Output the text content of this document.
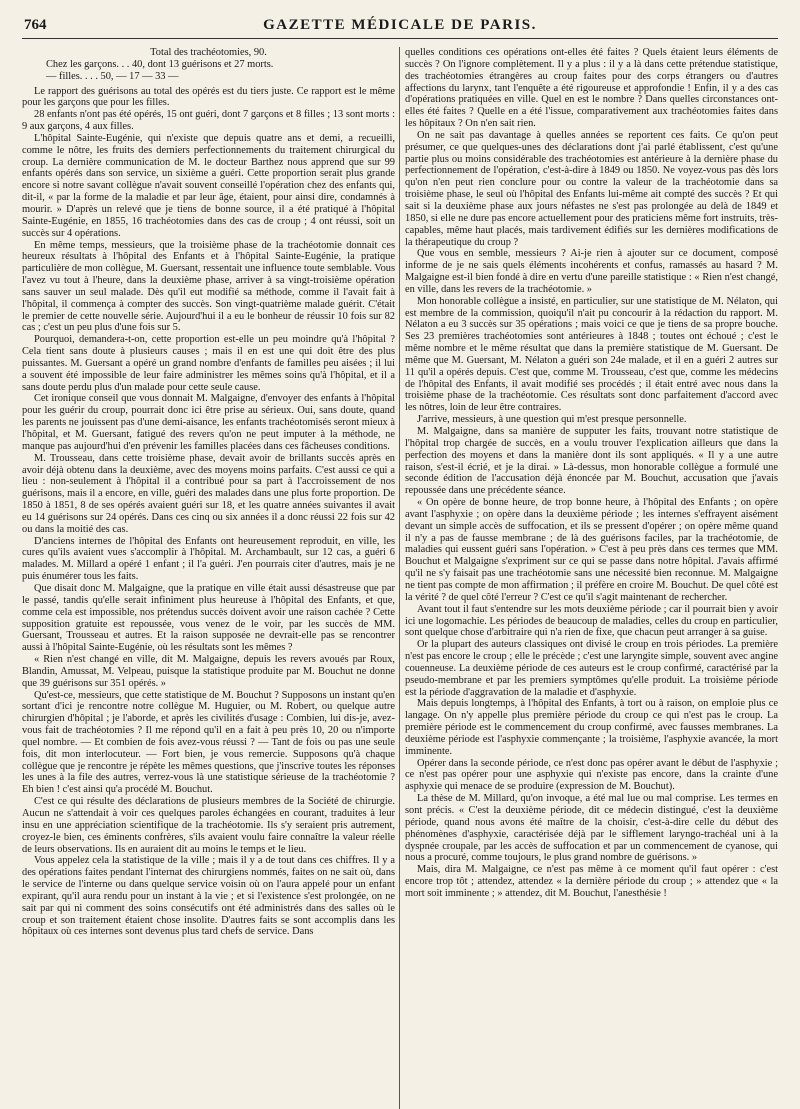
764	GAZETTE MÉDICALE DE PARIS.

Total des trachéotomies, 90.

Chez les garçons. . . 40, dont 13 guérisons et 27 morts.

— filles. . . . 50, — 17 — 33 —

Le rapport des guérisons au total des opérés est du tiers juste. Ce rapport est le même pour les garçons que pour les filles.

28 enfants n'ont pas été opérés, 15 ont guéri, dont 7 garçons et 8 filles ; 13 sont morts : 9 aux garçons, 4 aux filles.

L'hôpital Sainte-Eugénie, qui n'existe que depuis quatre ans et demi, a recueilli, comme le nôtre, les fruits des derniers perfectionnements du traitement chirurgical du croup. La dernière communication de M. le docteur Barthez nous apprend que sur 99 enfants opérés dans son service, un sixième a guéri. Cette proportion serait plus grande encore si notre savant collègue n'avait souvent conseillé l'opération chez des enfants qui, dit-il, « par la forme de la maladie et par leur âge, étaient, pour ainsi dire, condamnés à mourir. » D'après un relevé que je tiens de bonne source, il a été pratiqué à l'hôpital Sainte-Eugénie, en 1855, 16 trachéotomies dans des cas de croup ; 4 ont réussi, soit un succès sur 4 opérations.

En même temps, messieurs, que la troisième phase de la trachéotomie donnait ces heureux résultats à l'hôpital des Enfants et à l'hôpital Sainte-Eugénie, la pratique particulière de mon collègue, M. Guersant, ressentait une influence toute semblable. Vous l'avez vu tout à l'heure, dans la deuxième phase, arriver à sa vingt-troisième opération sans sauver un seul malade. Dès qu'il eut modifié sa méthode, comme il l'avait fait à l'hôpital, il commença à compter des succès. Son vingt-quatrième malade guérit. C'était le premier de cette nouvelle série. Aujourd'hui il a eu le bonheur de réussir 10 fois sur 82 cas ; c'est un peu plus d'une fois sur 5.

Pourquoi, demandera-t-on, cette proportion est-elle un peu moindre qu'à l'hôpital ? Cela tient sans doute à plusieurs causes ; mais il en est une qui doit être des plus puissantes. M. Guersant a opéré un grand nombre d'enfants de familles peu aisées ; il lui a souvent été impossible de leur faire administrer les mêmes soins qu'à l'hôpital, et il a sans doute perdu plus d'un malade pour cette seule cause.

Cet ironique conseil que vous donnait M. Malgaigne, d'envoyer des enfants à l'hôpital pour les guérir du croup, pourrait donc ici être prise au sérieux. Oui, sans doute, quand les parents ne jouissent pas d'une demi-aisance, les enfants trachéotomisés seront mieux à l'hôpital, et M. Guersant, fatigué des revers qu'on ne peut imputer à la méthode, ne manque pas aujourd'hui d'en prévenir les familles placées dans ces fâcheuses conditions.

M. Trousseau, dans cette troisième phase, devait avoir de brillants succès après en avoir déjà obtenu dans la deuxième, avec des moyens moins parfaits. C'est aussi ce qui a lieu : non-seulement à l'hôpital il a contribué pour sa part à l'accroissement de nos guérisons, mais il a encore, en ville, guéri des malades dans une plus forte proportion. De 1850 à 1851, 8 de ses opérés avaient guéri sur 18, et les quatre années suivantes il avait eu 14 guérisons sur 24 opérés. Dans ces cinq ou six années il a donc réussi 22 fois sur 42 ou dans la moitié des cas.

D'anciens internes de l'hôpital des Enfants ont heureusement reproduit, en ville, les cures qu'ils avaient vues s'accomplir à l'hôpital. M. Archambault, sur 12 cas, a guéri 6 malades. M. Millard a opéré 1 enfant ; il l'a guéri. J'en pourrais citer d'autres, mais je ne puis énumérer tous les faits.

Que disait donc M. Malgaigne, que la pratique en ville était aussi désastreuse que par le passé, tandis qu'elle serait infiniment plus heureuse à l'hôpital des Enfants, et que, comme cela est impossible, nos prétendus succès doivent avoir une raison cachée ? Cette supposition gratuite est repoussée, vous venez de le voir, par les succès de MM. Guersant, Trousseau et autres. Et la raison supposée ne devrait-elle pas se rencontrer aussi à l'hôpital Sainte-Eugénie, où les résultats sont les mêmes ?

« Rien n'est changé en ville, dit M. Malgaigne, depuis les revers avoués par Roux, Blandin, Amussat, M. Velpeau, puisque la statistique produite par M. Bouchut ne donne que 39 guérisons sur 351 opérés. »

Qu'est-ce, messieurs, que cette statistique de M. Bouchut ? Supposons un instant qu'en sortant d'ici je rencontre notre collègue M. Huguier, ou M. Robert, ou quelque autre chirurgien d'hôpital ; je l'aborde, et après les civilités d'usage : Combien, lui dis-je, avez-vous fait de trachéotomies ? Il me répond qu'il en a fait à peu près 10, 20 ou n'importe quel nombre. — Et combien de fois avez-vous réussi ? — Tant de fois ou pas une seule fois, dit mon interlocuteur. — Fort bien, je vous remercie. Supposons qu'à chaque collègue que je rencontre je répète les mêmes questions, que j'inscrive toutes les réponses les unes à la file des autres, verrez-vous là une statistique sérieuse de la trachéotomie ? Eh bien ! c'est ainsi qu'a procédé M. Bouchut.

C'est ce qui résulte des déclarations de plusieurs membres de la Société de chirurgie. Aucun ne s'attendait à voir ces quelques paroles échangées en courant, traduites à leur insu en une appréciation scientifique de la trachéotomie. Ils s'y seraient pris autrement, croyez-le bien, ces éminents confrères, s'ils avaient voulu faire connaître la valeur réelle de leurs observations. Ils en auraient dit au moins le temps et le lieu.

Vous appelez cela la statistique de la ville ; mais il y a de tout dans ces chiffres. Il y a des opérations faites pendant l'internat des chirurgiens nommés, faites on ne sait où, dans le service de l'interne ou dans quelque service voisin où on l'aura appelé pour un enfant expirant, qu'il aura rendu pour un instant à la vie ; et si l'existence s'est prolongée, on ne sait par qui ni comment des soins consécutifs ont été administrés dans des salles où le croup et son traitement étaient chose insolite. D'autres faits se sont accomplis dans les hôpitaux où ces internes sont devenus plus tard chefs de service. Dans

quelles conditions ces opérations ont-elles été faites ? Quels étaient leurs éléments de succès ? On l'ignore complètement. Il y a plus : il y a là dans cette prétendue statistique, des trachéotomies étrangères au croup faites pour des corps étrangers ou d'autres affections du larynx, tant l'enquête a été rigoureuse et approfondie ! Enfin, il y a des cas d'opérations pratiquées en ville. Quel en est le nombre ? Dans quelles circonstances ont-elles été faites ? Quelle en a été l'issue, comparativement aux trachéotomies faites dans les hôpitaux ? On n'en sait rien.

On ne sait pas davantage à quelles années se reportent ces faits. Ce qu'on peut présumer, ce que quelques-unes des déclarations dont j'ai parlé établissent, c'est qu'une partie plus ou moins considérable des trachéotomies est antérieure à la dernière phase du perfectionnement de l'opération, c'est-à-dire à 1849 ou 1850. Ne voyez-vous pas dès lors qu'on n'en peut rien conclure pour ou contre la valeur de la trachéotomie dans sa troisième phase, le seul où l'hôpital des Enfants lui-même ait compté des succès ? Et qui sait si la deuxième phase aux jours néfastes ne s'est pas prolongée au delà de 1849 et 1850, si elle ne dure pas encore actuellement pour des praticiens même fort instruits, très-capables, même haut placés, mais tardivement édifiés sur les dernières modifications de la thérapeutique du croup ?

Que vous en semble, messieurs ? Ai-je rien à ajouter sur ce document, composé informe de je ne sais quels éléments incohérents et confus, ramassés au hasard ? M. Malgaigne est-il bien fondé à dire en vertu d'une pareille statistique : « Rien n'est changé, en ville, dans les revers de la trachéotomie. »

Mon honorable collègue a insisté, en particulier, sur une statistique de M. Nélaton, qui est membre de la commission, quoiqu'il n'ait pu concourir à la rédaction du rapport. M. Nélaton a eu 3 succès sur 35 opérations ; mais voici ce que je tiens de sa propre bouche. Ses 23 premières trachéotomies sont antérieures à 1848 ; toutes ont échoué ; c'est le même nombre et le même résultat que dans la première statistique de M. Guersant. De même que M. Guersant, M. Nélaton a guéri son 24e malade, et il en a guéri 2 autres sur 11 qu'il a opérés depuis. C'est que, comme M. Trousseau, c'est que, comme les médecins de l'hôpital des Enfants, il avait modifié ses procédés ; il était entré avec nous dans la troisième phase de la trachéotomie. Ces résultats sont donc parfaitement d'accord avec les nôtres, loin de leur être contraires.

J'arrive, messieurs, à une question qui m'est presque personnelle.

M. Malgaigne, dans sa manière de supputer les faits, trouvant notre statistique de l'hôpital trop chargée de succès, en a voulu trouver l'explication ailleurs que dans la perfection des moyens et dans la manière dont ils sont appliqués. « Il y a une autre raison, s'est-il écrié, et je la dirai. » Là-dessus, mon honorable collègue a formulé une seconde édition de l'accusation déjà énoncée par M. Bouchut, accusation que j'avais repoussée dans une précédente séance.

« On opère de bonne heure, de trop bonne heure, à l'hôpital des Enfants ; on opère avant l'asphyxie ; on opère dans la deuxième période ; les internes s'effrayent aisément devant un simple accès de suffocation, et ils se pressent d'opérer ; on opère même quand il n'y a pas de fausse membrane ; de là des guérisons faciles, par la trachéotomie, de maladies qui eussent guéri sans l'opération. » C'est à peu près dans ces termes que MM. Bouchut et Malgaigne s'expriment sur ce qui se passe dans notre hôpital. J'avais affirmé qu'il ne s'y faisait pas une trachéotomie sans une nécessité bien reconnue. M. Malgaigne ne tient pas compte de mon affirmation ; il préfère en croire M. Bouchut. De quel côté est la vérité ? de quel côté l'erreur ? C'est ce qu'il s'agit maintenant de rechercher.

Avant tout il faut s'entendre sur les mots deuxième période ; car il pourrait bien y avoir ici une logomachie. Les périodes de beaucoup de maladies, celles du croup en particulier, sont quelque chose d'arbitraire qui n'a rien de fixe, que chacun peut arranger à sa guise.

Or la plupart des auteurs classiques ont divisé le croup en trois périodes. La première n'est pas encore le croup ; elle le précède ; c'est une laryngite simple, souvent avec angine couenneuse. La deuxième période de ces auteurs est le croup confirmé, caractérisé par la pseudo-membrane et par les premiers symptômes qu'elle produit. La troisième période est la période d'aggravation de la maladie et d'asphyxie.

Mais depuis longtemps, à l'hôpital des Enfants, à tort ou à raison, on emploie plus ce langage. On n'y appelle plus première période du croup ce qui n'est pas le croup. La première période est le commencement du croup confirmé, avec fausses membranes. La deuxième période est l'asphyxie commençante ; la troisième, l'asphyxie avancée, la mort imminente.

Opérer dans la seconde période, ce n'est donc pas opérer avant le début de l'asphyxie ; ce n'est pas opérer pour une asphyxie qui n'existe pas encore, dans la crainte d'une asphyxie qui menace de se produire (expression de M. Bouchut).

La thèse de M. Millard, qu'on invoque, a été mal lue ou mal comprise. Les termes en sont précis. « C'est la deuxième période, dit ce médecin distingué, c'est la deuxième période, quand nous avons été maître de la choisir, c'est-à-dire celle du début des phénomènes d'asphyxie, caractérisée déjà par le sifflement laryngo-trachéal uni à la dyspnée croupale, par les accès de suffocation et par un commencement de cyanose, qui nous a procuré, comme toujours, le plus grand nombre de guérisons. »

Mais, dira M. Malgaigne, ce n'est pas même à ce moment qu'il faut opérer : c'est encore trop tôt ; attendez, attendez « la dernière période du croup ; » attendez que « la mort soit imminente ; » attendez, dit M. Bouchut, l'anesthésie !
